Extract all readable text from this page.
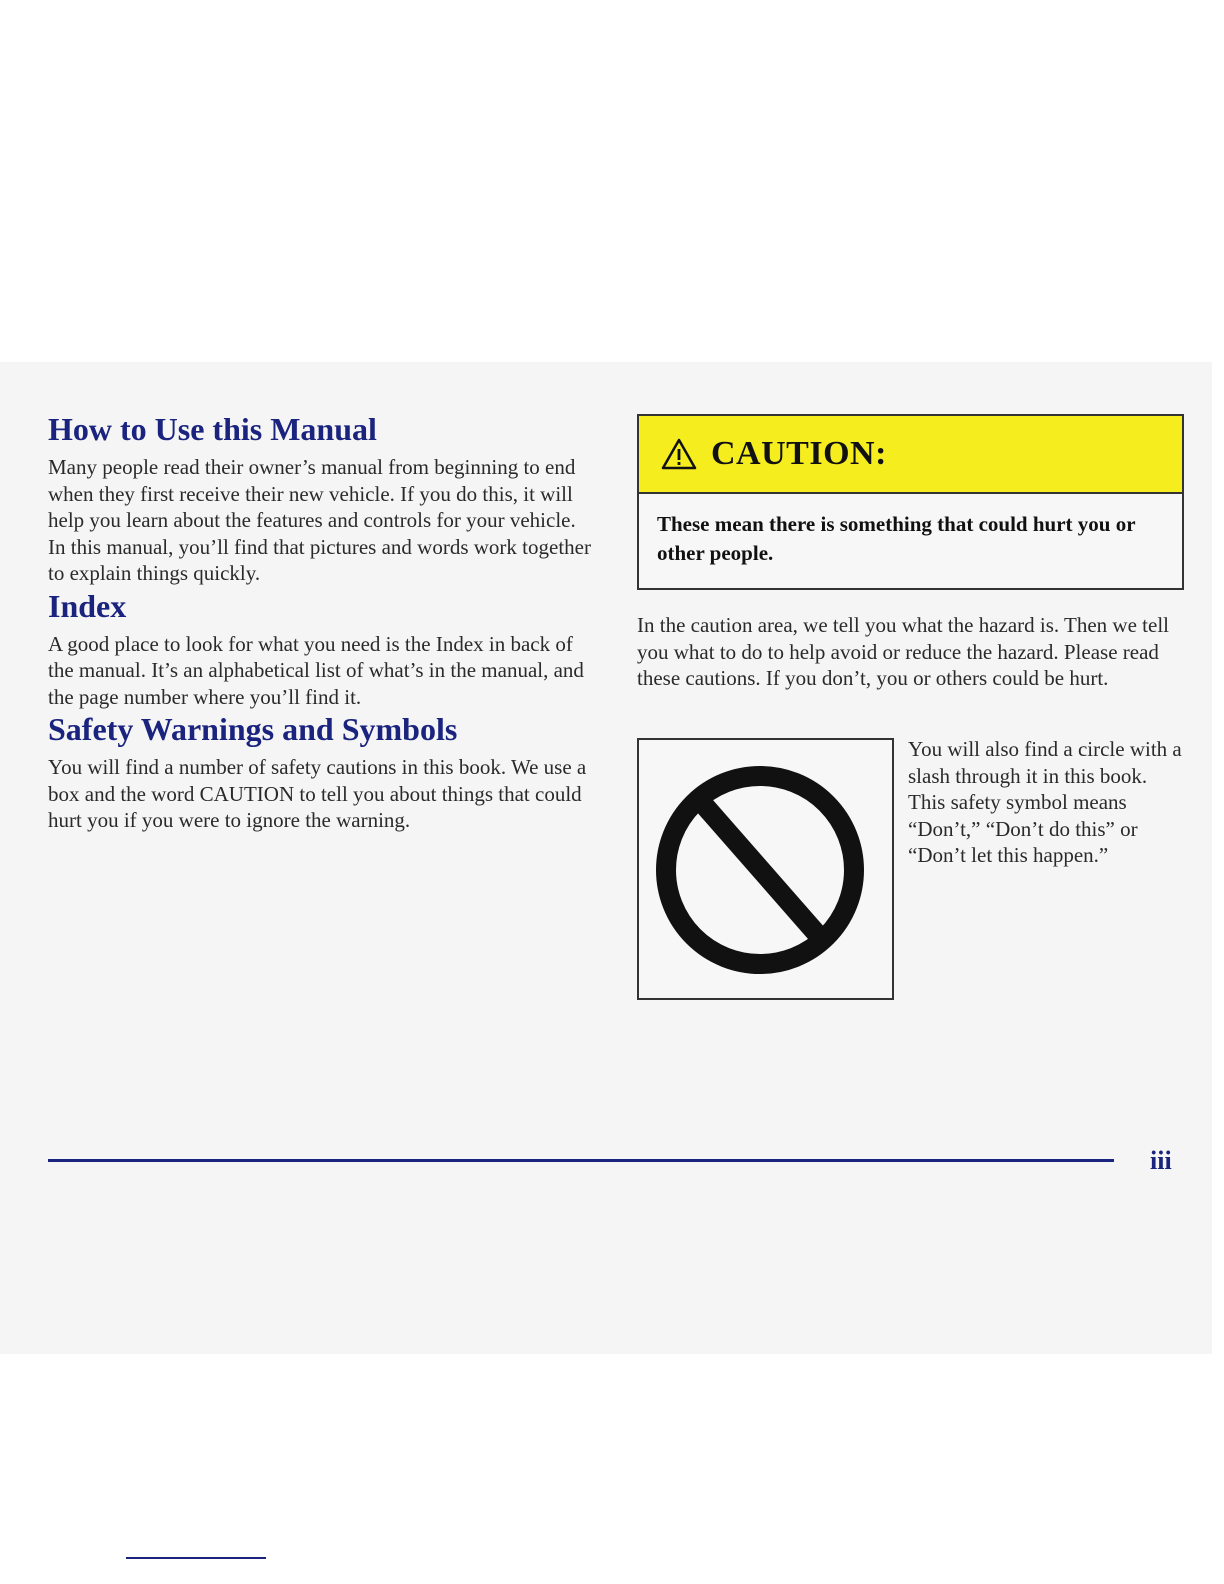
How to Use this Manual

Many people read their owner’s manual from beginning to end when they first receive their new vehicle. If you do this, it will help you learn about the features and controls for your vehicle. In this manual, you’ll find that pictures and words work together to explain things quickly.

Index

A good place to look for what you need is the Index in back of the manual. It’s an alphabetical list of what’s in the manual, and the page number where you’ll find it.

Safety Warnings and Symbols

You will find a number of safety cautions in this book. We use a box and the word CAUTION to tell you about things that could hurt you if you were to ignore the warning.

CAUTION:
These mean there is something that could hurt you or other people.

In the caution area, we tell you what the hazard is. Then we tell you what to do to help avoid or reduce the hazard. Please read these cautions. If you don’t, you or others could be hurt.

You will also find a circle with a slash through it in this book. This safety symbol means “Don’t,” “Don’t do this” or “Don’t let this happen.”

iii
